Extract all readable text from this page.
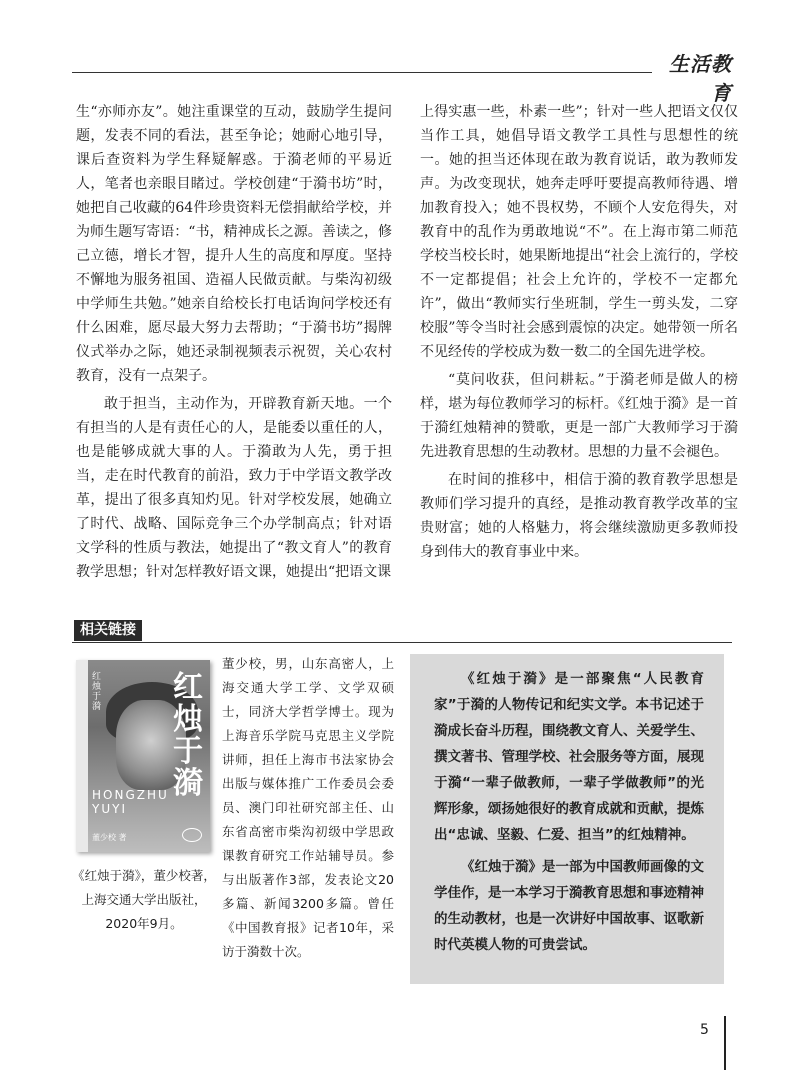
生活教育

生“亦师亦友”。她注重课堂的互动，鼓励学生提问题，发表不同的看法，甚至争论；她耐心地引导，课后查资料为学生释疑解惑。于漪老师的平易近人，笔者也亲眼目睹过。学校创建“于漪书坊”时，她把自己收藏的64件珍贵资料无偿捐献给学校，并为师生题写寄语：“书，精神成长之源。善读之，修己立德，增长才智，提升人生的高度和厚度。坚持不懈地为服务祖国、造福人民做贡献。与柴沟初级中学师生共勉。”她亲自给校长打电话询问学校还有什么困难，愿尽最大努力去帮助；“于漪书坊”揭牌仪式举办之际，她还录制视频表示祝贺，关心农村教育，没有一点架子。

敢于担当，主动作为，开辟教育新天地。一个有担当的人是有责任心的人，是能委以重任的人，也是能够成就大事的人。于漪敢为人先，勇于担当，走在时代教育的前沿，致力于中学语文教学改革，提出了很多真知灼见。针对学校发展，她确立了时代、战略、国际竞争三个办学制高点；针对语文学科的性质与教法，她提出了“教文育人”的教育教学思想；针对怎样教好语文课，她提出“把语文课

上得实惠一些，朴素一些”；针对一些人把语文仅仅当作工具，她倡导语文教学工具性与思想性的统一。她的担当还体现在敢为教育说话，敢为教师发声。为改变现状，她奔走呼吁要提高教师待遇、增加教育投入；她不畏权势，不顾个人安危得失，对教育中的乱作为勇敢地说“不”。在上海市第二师范学校当校长时，她果断地提出“社会上流行的，学校不一定都提倡；社会上允许的，学校不一定都允许”，做出“教师实行坐班制，学生一剪头发，二穿校服”等令当时社会感到震惊的决定。她带领一所名不见经传的学校成为数一数二的全国先进学校。

“莫问收获，但问耕耘。”于漪老师是做人的榜样，堪为每位教师学习的标杆。《红烛于漪》是一首于漪红烛精神的赞歌，更是一部广大教师学习于漪先进教育思想的生动教材。思想的力量不会褪色。

在时间的推移中，相信于漪的教育教学思想是教师们学习提升的真经，是推动教育教学改革的宝贵财富；她的人格魅力，将会继续激励更多教师投身到伟大的教育事业中来。

相关链接
红烛于漪
红
烛
于
漪
HONGZHU
YUYI
董少校 著
《红烛于漪》，董少校著，上海交通大学出版社，2020年9月。
董少校，男，山东高密人，上海交通大学工学、文学双硕士，同济大学哲学博士。现为上海音乐学院马克思主义学院讲师，担任上海市书法家协会出版与媒体推广工作委员会委员、澳门印社研究部主任、山东省高密市柴沟初级中学思政课教育研究工作站辅导员。参与出版著作3部，发表论文20多篇、新闻3200多篇。曾任《中国教育报》记者10年，采访于漪数十次。

《红烛于漪》是一部聚焦“人民教育家”于漪的人物传记和纪实文学。本书记述于漪成长奋斗历程，围绕教文育人、关爱学生、撰文著书、管理学校、社会服务等方面，展现于漪“一辈子做教师，一辈子学做教师”的光辉形象，颂扬她很好的教育成就和贡献，提炼出“忠诚、坚毅、仁爱、担当”的红烛精神。

《红烛于漪》是一部为中国教师画像的文学佳作，是一本学习于漪教育思想和事迹精神的生动教材，也是一次讲好中国故事、讴歌新时代英模人物的可贵尝试。

5
